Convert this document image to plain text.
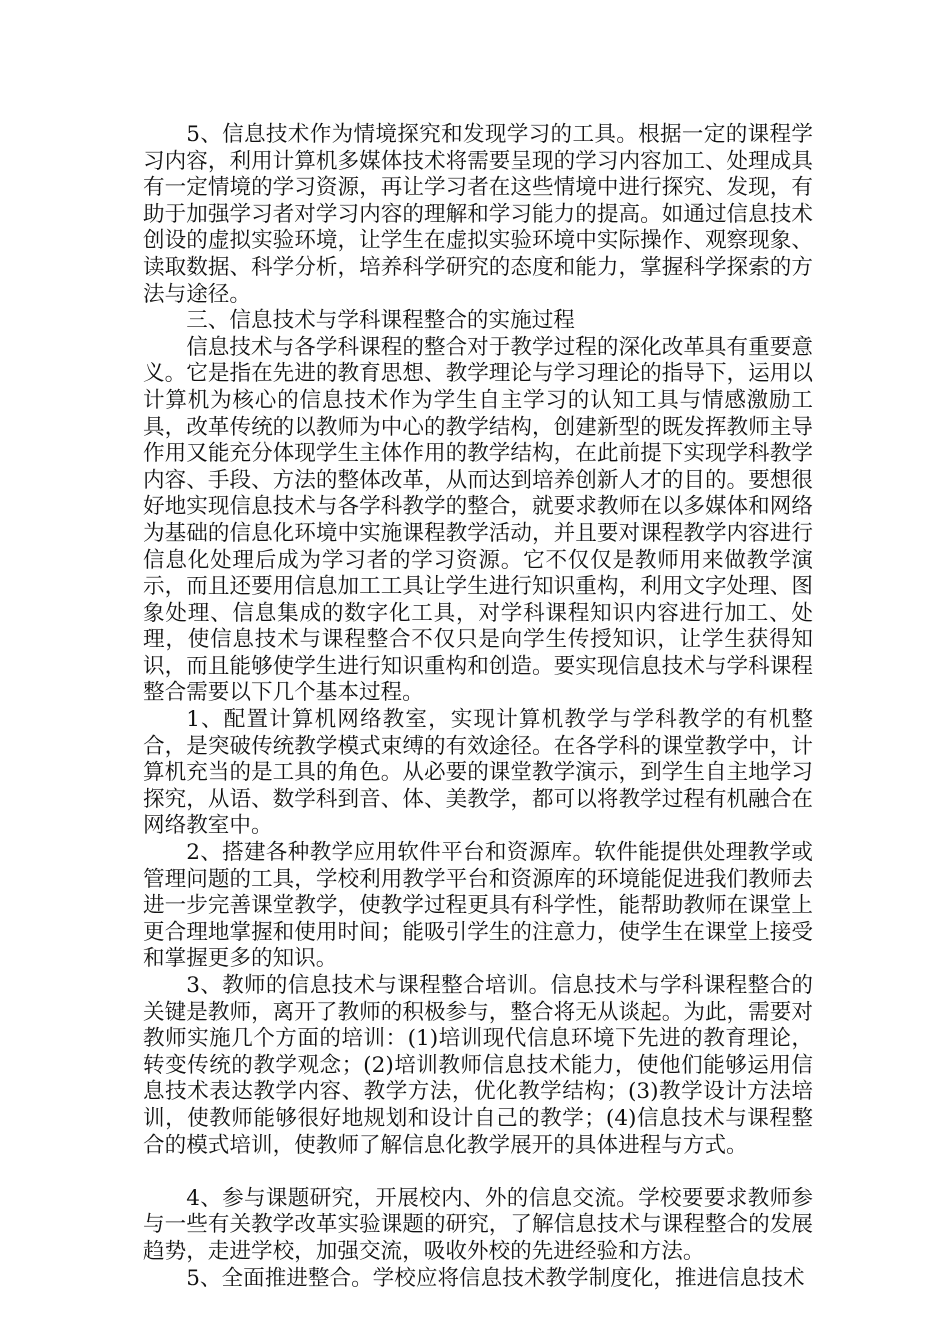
5、信息技术作为情境探究和发现学习的工具。根据一定的课程学习内容，利用计算机多媒体技术将需要呈现的学习内容加工、处理成具有一定情境的学习资源，再让学习者在这些情境中进行探究、发现，有助于加强学习者对学习内容的理解和学习能力的提高。如通过信息技术创设的虚拟实验环境，让学生在虚拟实验环境中实际操作、观察现象、读取数据、科学分析，培养科学研究的态度和能力，掌握科学探索的方法与途径。

三、信息技术与学科课程整合的实施过程

信息技术与各学科课程的整合对于教学过程的深化改革具有重要意义。它是指在先进的教育思想、教学理论与学习理论的指导下，运用以计算机为核心的信息技术作为学生自主学习的认知工具与情感激励工具，改革传统的以教师为中心的教学结构，创建新型的既发挥教师主导作用又能充分体现学生主体作用的教学结构，在此前提下实现学科教学内容、手段、方法的整体改革，从而达到培养创新人才的目的。要想很好地实现信息技术与各学科教学的整合，就要求教师在以多媒体和网络为基础的信息化环境中实施课程教学活动，并且要对课程教学内容进行信息化处理后成为学习者的学习资源。它不仅仅是教师用来做教学演示，而且还要用信息加工工具让学生进行知识重构，利用文字处理、图象处理、信息集成的数字化工具，对学科课程知识内容进行加工、处理，使信息技术与课程整合不仅只是向学生传授知识，让学生获得知识，而且能够使学生进行知识重构和创造。要实现信息技术与学科课程整合需要以下几个基本过程。

1、配置计算机网络教室，实现计算机教学与学科教学的有机整合，是突破传统教学模式束缚的有效途径。在各学科的课堂教学中，计算机充当的是工具的角色。从必要的课堂教学演示，到学生自主地学习探究，从语、数学科到音、体、美教学，都可以将教学过程有机融合在网络教室中。

2、搭建各种教学应用软件平台和资源库。软件能提供处理教学或管理问题的工具，学校利用教学平台和资源库的环境能促进我们教师去进一步完善课堂教学，使教学过程更具有科学性，能帮助教师在课堂上更合理地掌握和使用时间；能吸引学生的注意力，使学生在课堂上接受和掌握更多的知识。

3、教师的信息技术与课程整合培训。信息技术与学科课程整合的关键是教师，离开了教师的积极参与，整合将无从谈起。为此，需要对教师实施几个方面的培训：(1)培训现代信息环境下先进的教育理论，转变传统的教学观念；(2)培训教师信息技术能力，使他们能够运用信息技术表达教学内容、教学方法，优化教学结构；(3)教学设计方法培训，使教师能够很好地规划和设计自己的教学；(4)信息技术与课程整合的模式培训，使教师了解信息化教学展开的具体进程与方式。

4、参与课题研究，开展校内、外的信息交流。学校要要求教师参与一些有关教学改革实验课题的研究，了解信息技术与课程整合的发展趋势，走进学校，加强交流，吸收外校的先进经验和方法。

5、全面推进整合。学校应将信息技术教学制度化，推进信息技术
